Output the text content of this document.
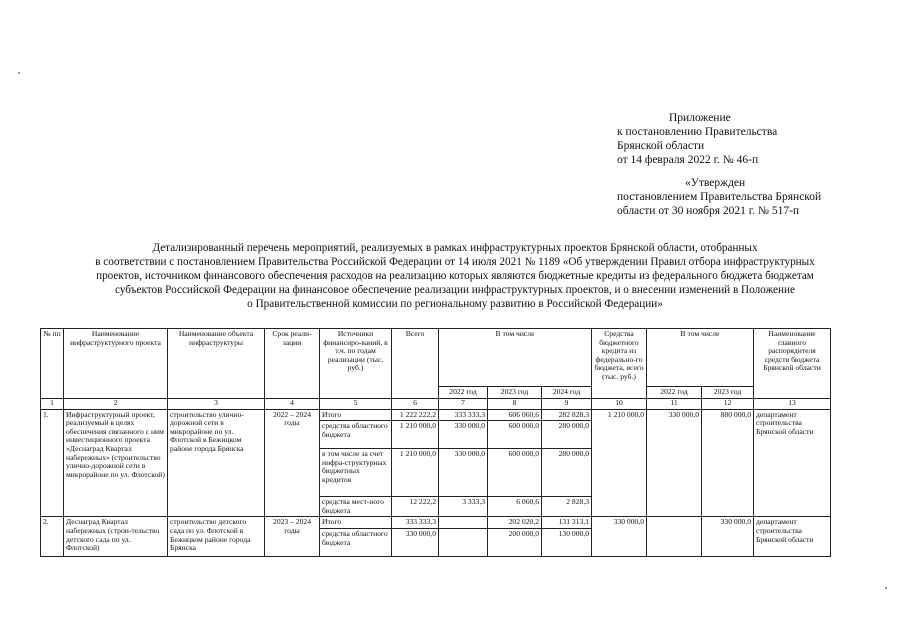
Приложение
к постановлению Правительства
Брянской области
от 14 февраля 2022 г. № 46-п
«Утвержден
постановлением Правительства Брянской
области от 30 ноября 2021 г. № 517-п
Детализированный перечень мероприятий, реализуемых в рамках инфраструктурных проектов Брянской области, отобранных
в соответствии с постановлением Правительства Российской Федерации от 14 июля 2021 № 1189 «Об утверждении Правил отбора инфраструктурных
проектов, источником финансового обеспечения расходов на реализацию которых являются бюджетные кредиты из федерального бюджета бюджетам
субъектов Российской Федерации на финансовое обеспечение реализации инфраструктурных проектов, и о внесении изменений в Положение
о Правительственной комиссии по региональному развитию в Российской Федерации»
№ пп	Наименование инфраструктурного проекта	Наименование объекта инфраструктуры	Срок реали-зации	Источники финансиро-ваний, в т.ч. по годам реализации (тыс. руб.)	Всего	В том числе			Средства бюджетного кредита из федерально-го бюджета, всего (тыс. руб.)	В том числе		Наименование главного распорядителя средств бюджета Брянской области
						2022 год	2023 год	2024 год		2022 год	2023 год	
1	2	3	4	5	6	7	8	9	10	11	12	13
1.	Инфраструктурный проект, реализуемый в целях обеспечения связанного с ним инвестиционного проекта «Деснаград Квартал набережных» (строительство улично-дорожной сети в микрорайоне по ул. Флотской)	строительство улично-дорожной сети в микрорайоне по ул. Флотской в Бежицком районе города Брянска	2022 – 2024 годы	Итого	1 222 222,2	333 333,3	606 060,6	282 828,3	1 210 000,0	330 000,0	880 000,0	департамент строительства Брянской области
				средства областного бюджета	1 210 000,0	330 000,0	600 000,0	280 000,0				
				в том числе за счет инфра-структурных бюджетных кредитов	1 210 000,0	330 000,0	600 000,0	280 000,0				
				средства мест-ного бюджета	12 222,2	3 333,3	6 060,6	2 828,3				
2.	Деснаград Квартал набережных (строи-тельство детского сада по ул. Флотской)	строительство детского сада по ул. Флотской в Бежицком районе города Брянска	2023 – 2024 годы	Итого	333 333,3		202 020,2	131 313,1	330 000,0		330 000,0	департамент строительства Брянской области
				средства областного бюджета	330 000,0		200 000,0	130 000,0				
